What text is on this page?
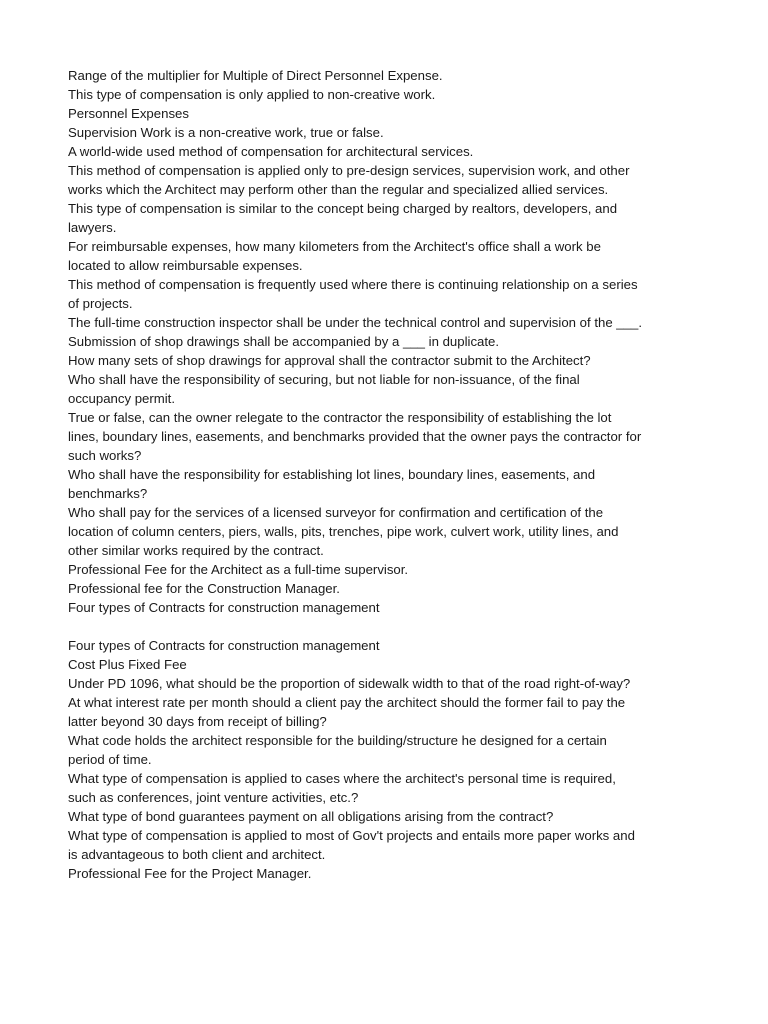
Range of the multiplier for Multiple of Direct Personnel Expense.

This type of compensation is only applied to non-creative work.

Personnel Expenses

Supervision Work is a non-creative work, true or false.

A world-wide used method of compensation for architectural services.

This method of compensation is applied only to pre-design services, supervision work, and other works which the Architect may perform other than the regular and specialized allied services.

This type of compensation is similar to the concept being charged by realtors, developers, and lawyers.

For reimbursable expenses, how many kilometers from the Architect's office shall a work be located to allow reimbursable expenses.

This method of compensation is frequently used where there is continuing relationship on a series of projects.

The full-time construction inspector shall be under the technical control and supervision of the ___.

Submission of shop drawings shall be accompanied by a ___ in duplicate.

How many sets of shop drawings for approval shall the contractor submit to the Architect?

Who shall have the responsibility of securing, but not liable for non-issuance, of the final occupancy permit.

True or false, can the owner relegate to the contractor the responsibility of establishing the lot lines, boundary lines, easements, and benchmarks provided that the owner pays the contractor for such works?

Who shall have the responsibility for establishing lot lines, boundary lines, easements, and benchmarks?

Who shall pay for the services of a licensed surveyor for confirmation and certification of the location of column centers, piers, walls, pits, trenches, pipe work, culvert work, utility lines, and other similar works required by the contract.

Professional Fee for the Architect as a full-time supervisor.

Professional fee for the Construction Manager.

Four types of Contracts for construction management

Four types of Contracts for construction management

Cost Plus Fixed Fee

Under PD 1096, what should be the proportion of sidewalk width to that of the road right-of-way?

At what interest rate per month should a client pay the architect should the former fail to pay the latter beyond 30 days from receipt of billing?

What code holds the architect responsible for the building/structure he designed for a certain period of time.

What type of compensation is applied to cases where the architect's personal time is required, such as conferences, joint venture activities, etc.?

What type of bond guarantees payment on all obligations arising from the contract?

What type of compensation is applied to most of Gov't projects and entails more paper works and is advantageous to both client and architect.

Professional Fee for the Project Manager.
